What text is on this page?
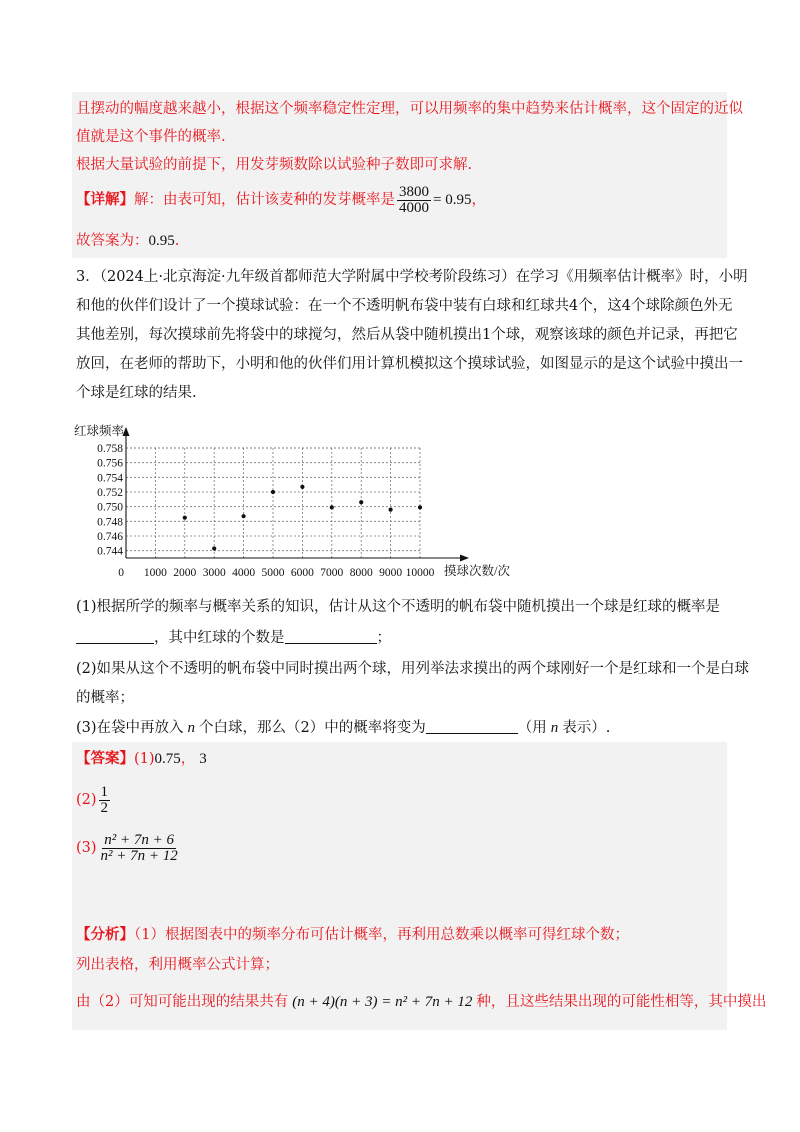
且摆动的幅度越来越小，根据这个频率稳定性定理，可以用频率的集中趋势来估计概率，这个固定的近似
值就是这个事件的概率.
根据大量试验的前提下，用发芽频数除以试验种子数即可求解.
【详解】解：由表可知，估计该麦种的发芽概率是 $\frac{3800}{4000} = 0.95$，
故答案为：0.95.
3．（2024上·北京海淀·九年级首都师范大学附属中学校考阶段练习）在学习《用频率估计概率》时，小明
和他的伙伴们设计了一个摸球试验：在一个不透明帆布袋中装有白球和红球共4个，这4个球除颜色外无
其他差别，每次摸球前先将袋中的球搅匀，然后从袋中随机摸出1个球，观察该球的颜色并记录，再把它
放回，在老师的帮助下，小明和他的伙伴们用计算机模拟这个摸球试验，如图显示的是这个试验中摸出一
个球是红球的结果.
0.744
0.746
0.748
0.750
0.752
0.754
0.756
0.758
0 1000 2000 3000 4000 5000 6000 7000 8000 9000 10000
红球频率
摸球次数/次
(1)根据所学的频率与概率关系的知识，估计从这个不透明的帆布袋中随机摸出一个球是红球的概率是
，其中红球的个数是	；
(2)如果从这个不透明的帆布袋中同时摸出两个球，用列举法求摸出的两个球刚好一个是红球和一个是白球
的概率；
(3)在袋中再放入 n 个白球，那么（2）中的概率将变为	（用 n 表示）.
【答案】(1)0.75， 3
$(2) \frac{1}{2}$
$(3) \frac{\text{n² + 7n + 6}}{\text{n² + 7n + 12}}$
【分析】（1）根据图表中的频率分布可估计概率，再利用总数乘以概率可得红球个数；
列出表格，利用概率公式计算；
由（2）可知可能出现的结果共有 (n + 4)(n + 3) = n² + 7n + 12 种，且这些结果出现的可能性相等，其中摸出
